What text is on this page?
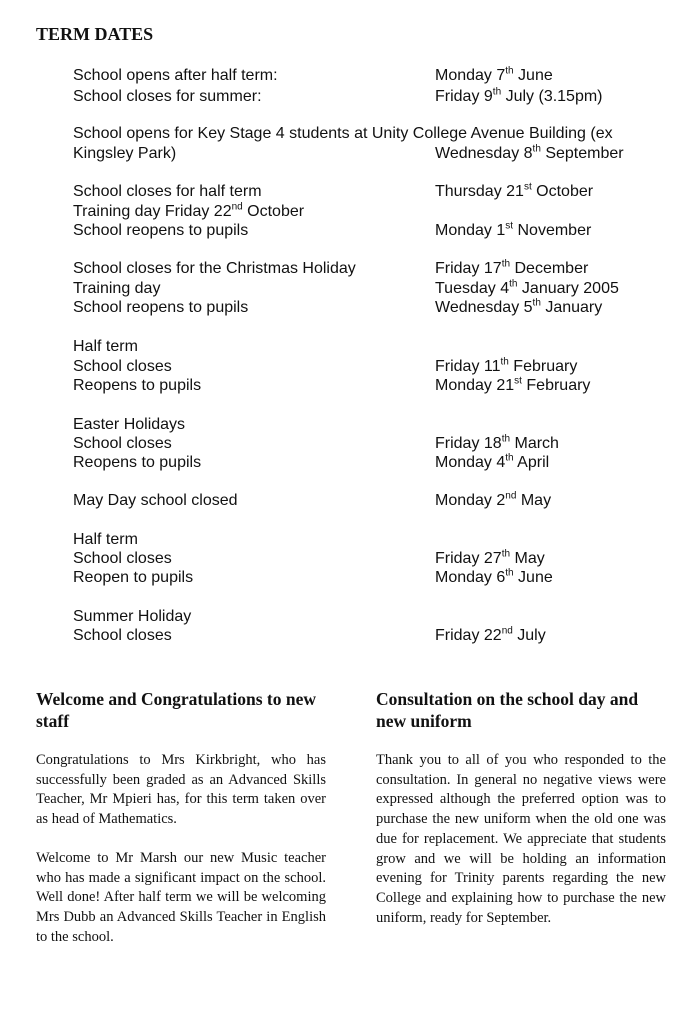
TERM DATES
School opens after half term:	Monday 7th June
School closes for summer:	Friday 9th July (3.15pm)
School opens for Key Stage 4 students at Unity College Avenue Building (ex
Kingsley Park)	Wednesday 8th September
School closes for half term	Thursday 21st October
Training day Friday 22nd October
School reopens to pupils	Monday 1st November
School closes for the Christmas Holiday	Friday 17th December
Training day	Tuesday 4th January 2005
School reopens to pupils	Wednesday 5th January
Half term
School closes	Friday 11th February
Reopens to pupils	Monday 21st February
Easter Holidays
School closes	Friday 18th March
Reopens to pupils	Monday 4th April
May Day school closed	Monday 2nd May
Half term
School closes	Friday 27th May
Reopen to pupils	Monday 6th June
Summer Holiday
School closes	Friday 22nd July
Welcome and Congratulations to new staff

Congratulations to Mrs Kirkbright, who has successfully been graded as an Advanced Skills Teacher, Mr Mpieri has, for this term taken over as head of Mathematics.

Welcome to Mr Marsh our new Music teacher who has made a significant impact on the school. Well done! After half term we will be welcoming Mrs Dubb an Advanced Skills Teacher in English to the school.

Consultation on the school day and new uniform

Thank you to all of you who responded to the consultation. In general no negative views were expressed although the preferred option was to purchase the new uniform when the old one was due for replacement. We appreciate that students grow and we will be holding an information evening for Trinity parents regarding the new College and explaining how to purchase the new uniform, ready for September.
